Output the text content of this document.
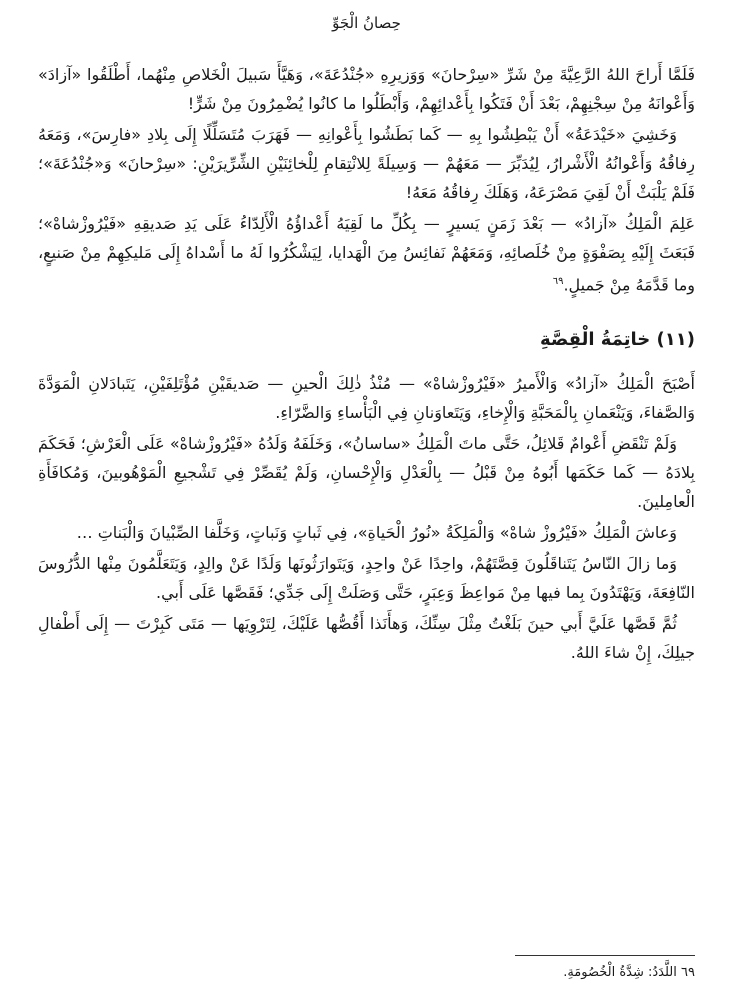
حِصانُ الْجَوِّ

فَلَمَّا أَراحَ اللهُ الرَّعِيَّةَ مِنْ شَرِّ «سِرْحانَ» وَوَزيرِهِ «جُنْدُعَةَ»، وَهَيَّأَ سَبيلَ الْخَلاصِ مِنْهُما، أَطْلَقُوا «آزادَ» وَأَعْوانَهُ مِنْ سِجْنِهِمْ، بَعْدَ أَنْ فَتَكُوا بِأَعْدائِهِمْ، وَأَبْطَلُوا ما كانُوا يُضْمِرُونَ مِنْ شَرٍّ!

وَخَشِيَ «خَيْدَعَةُ» أَنْ يَبْطِشُوا بِهِ — كَما بَطَشُوا بِأَعْوانِهِ — فَهَرَبَ مُتَسَلِّلًا إِلَى بِلادِ «فارِسَ»، وَمَعَهُ رِفاقُهُ وَأَعْوانُهُ الْأَشْرارُ، لِيُدَبِّرَ — مَعَهُمْ — وَسِيلَةً لِلانْتِقامِ لِلْخائِنَيْنِ الشِّرِّيرَيْنِ: «سِرْحانَ» وَ«جُنْدُعَةَ»؛ فَلَمْ يَلْبَثْ أَنْ لَقِيَ مَصْرَعَهُ، وَهَلَكَ رِفاقُهُ مَعَهُ!

عَلِمَ الْمَلِكُ «آزادُ» — بَعْدَ زَمَنٍ يَسيرٍ — بِكُلِّ ما لَقِيَهُ أَعْداؤُهُ الْأَلِدّاءُ عَلَى يَدِ صَديقِهِ «فَيْرُوزْشاهْ»؛ فَبَعَثَ إِلَيْهِ بِصَفْوَةٍ مِنْ خُلَصائِهِ، وَمَعَهُمْ نَفائِسُ مِنَ الْهَدايا، لِيَشْكُرُوا لَهُ ما أَسْداهُ إِلَى مَليكِهِمْ مِنْ صَنيعٍ، وما قَدَّمَهُ مِنْ جَميلٍ.$^{٦٩}$

(١١) خاتِمَةُ الْقِصَّةِ

أَصْبَحَ الْمَلِكُ «آزادُ» وَالْأَميرُ «فَيْرُوزْشاهْ» — مُنْذُ ذٰلِكَ الْحينِ — صَديقَيْنِ مُؤْتَلِفَيْنِ، يَتَبادَلانِ الْمَوَدَّةَ وَالصَّفاءَ، وَيَنْعَمانِ بِالْمَحَبَّةِ وَالْإِخاءِ، وَيَتَعاوَنانِ فِي الْبَأْساءِ وَالضَّرّاءِ.

وَلَمْ تَنْقَضِ أَعْوامٌ قَلائِلُ، حَتَّى ماتَ الْمَلِكُ «ساسانُ»، وَخَلَفَهُ وَلَدُهُ «فَيْرُوزْشاهْ» عَلَى الْعَرْشِ؛ فَحَكَمَ بِلادَهُ — كَما حَكَمَها أَبُوهُ مِنْ قَبْلُ — بِالْعَدْلِ وَالْإِحْسانِ، وَلَمْ يُقَصِّرْ فِي تَشْجيعِ الْمَوْهُوبينَ، وَمُكافَأَةِ الْعامِلينَ.

وَعاشَ الْمَلِكُ «فَيْرُوزْ شاهْ» وَالْمَلِكَةُ «نُورُ الْحَياةِ»، فِي ثَباتٍ وَنَباتٍ، وَخَلَّفا الصِّبْيانَ وَالْبَناتِ …

وَما زالَ النّاسُ يَتَناقَلُونَ قِصَّتَهُمْ، واحِدًا عَنْ واحِدٍ، وَيَتَوارَثُونَها وَلَدًا عَنْ والِدٍ، وَيَتَعَلَّمُونَ مِنْها الدُّرُوسَ النّافِعَةَ، وَيَهْتَدُونَ بِما فيها مِنْ مَواعِظَ وَعِبَرٍ، حَتَّى وَصَلَتْ إِلَى جَدِّي؛ فَقَصَّها عَلَى أَبي.

ثُمَّ قَصَّها عَلَيَّ أَبي حينَ بَلَغْتُ مِثْلَ سِنِّكَ، وَهأَنَذا أَقُصُّها عَلَيْكَ، لِتَرْوِيَها — مَتَى كَبِرْتَ — إِلَى أَطْفالِ جيلِكَ، إِنْ شاءَ اللهُ.

٦٩ اللَّدَدُ: شِدَّةُ الْخُصُومَةِ.
